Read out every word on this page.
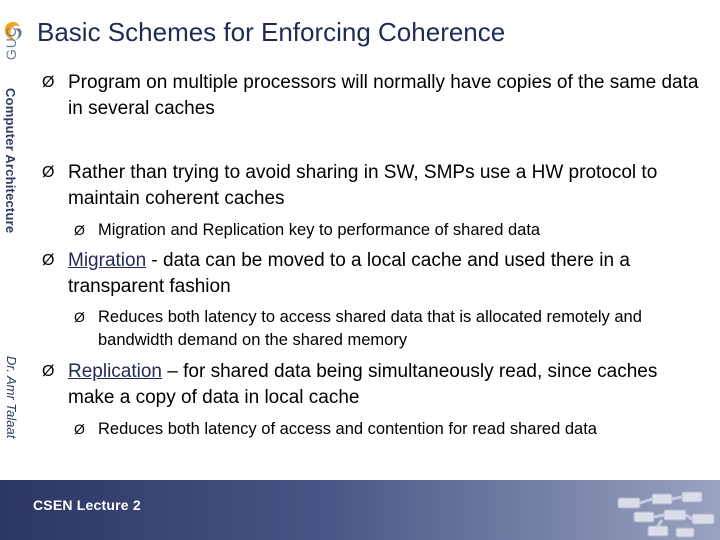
GUC
Computer Architecture
Dr. Amr Talaat
Basic Schemes for Enforcing Coherence
Ø Program on multiple processors will normally have copies of the same data in several caches
Ø Rather than trying to avoid sharing in SW, SMPs use a HW protocol to maintain coherent caches
Ø Migration and Replication key to performance of shared data
Ø Migration - data can be moved to a local cache and used there in a transparent fashion
Ø Reduces both latency to access shared data that is allocated remotely and bandwidth demand on the shared memory
Ø Replication – for shared data being simultaneously read, since caches make a copy of data in local cache
Ø Reduces both latency of access and contention for read shared data
CSEN Lecture 2
